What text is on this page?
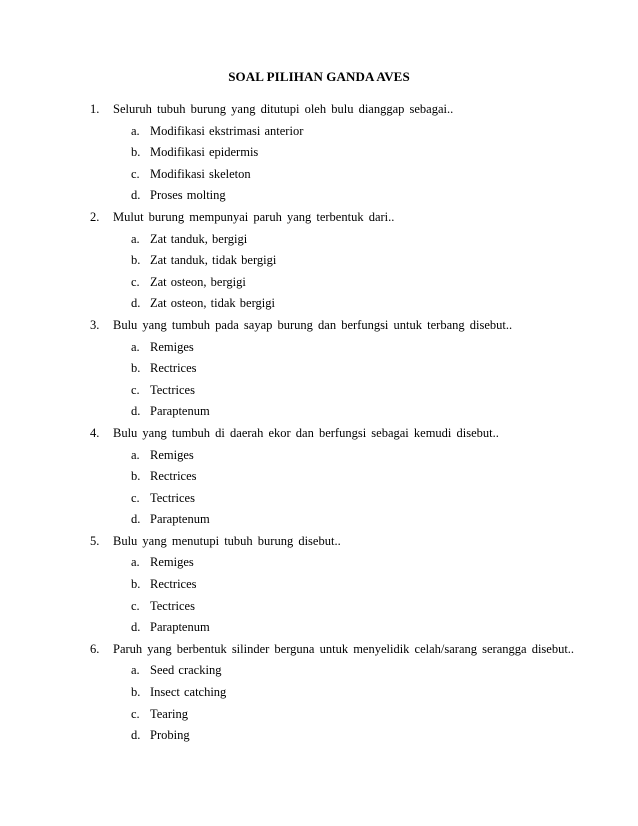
SOAL PILIHAN GANDA AVES
1. Seluruh tubuh burung yang ditutupi oleh bulu dianggap sebagai..
a. Modifikasi ekstrimasi anterior
b. Modifikasi epidermis
c. Modifikasi skeleton
d. Proses molting
2. Mulut burung mempunyai paruh yang terbentuk dari..
a. Zat tanduk, bergigi
b. Zat tanduk, tidak bergigi
c. Zat osteon, bergigi
d. Zat osteon, tidak bergigi
3. Bulu yang tumbuh pada sayap burung dan berfungsi untuk terbang disebut..
a. Remiges
b. Rectrices
c. Tectrices
d. Paraptenum
4. Bulu yang tumbuh di daerah ekor dan berfungsi sebagai kemudi disebut..
a. Remiges
b. Rectrices
c. Tectrices
d. Paraptenum
5. Bulu yang menutupi tubuh burung disebut..
a. Remiges
b. Rectrices
c. Tectrices
d. Paraptenum
6. Paruh yang berbentuk silinder berguna untuk menyelidik celah/sarang serangga disebut..
a. Seed cracking
b. Insect catching
c. Tearing
d. Probing
